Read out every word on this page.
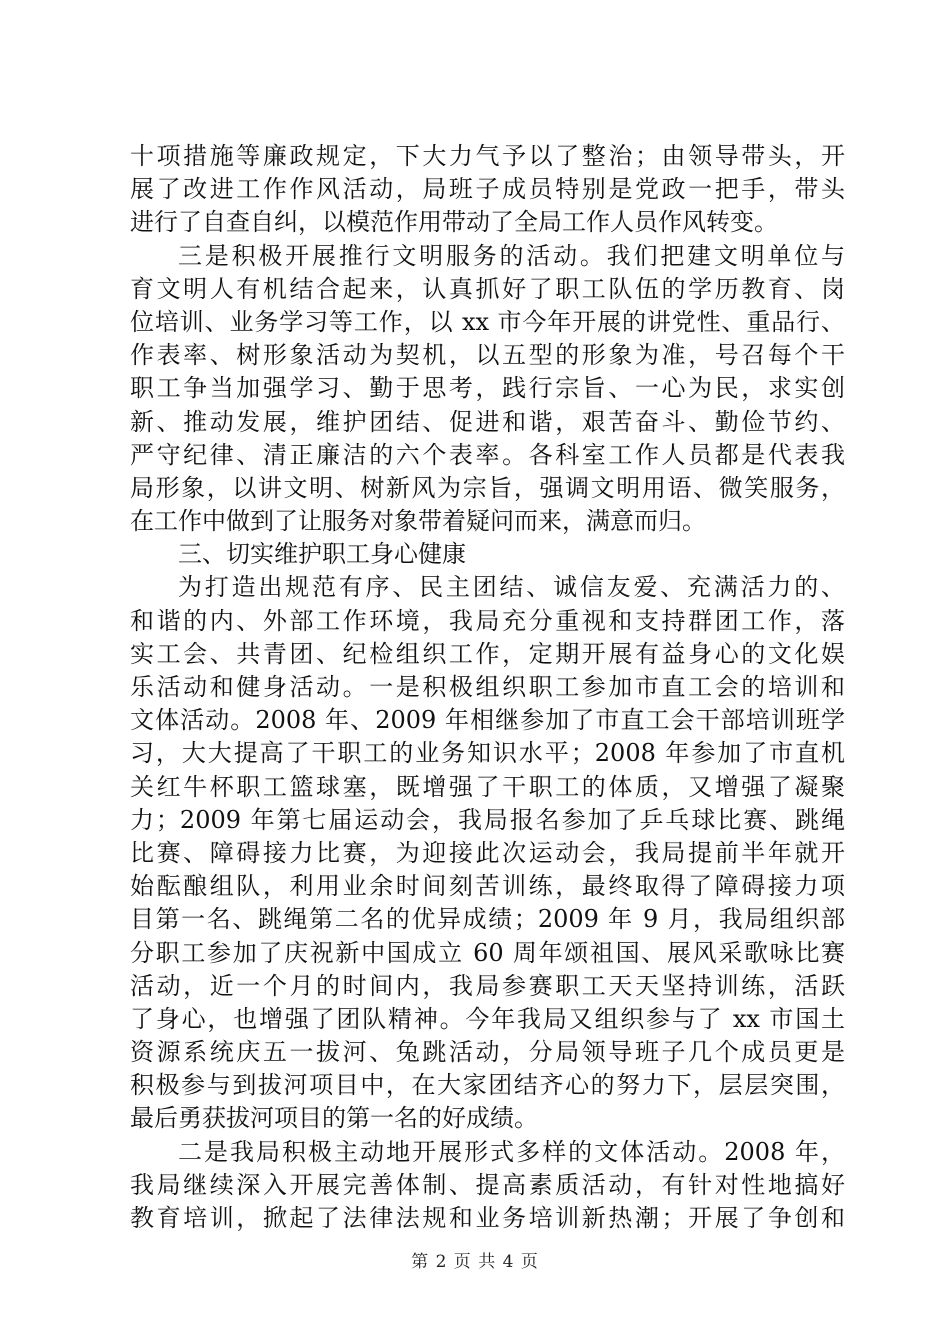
十项措施等廉政规定，下大力气予以了整治；由领导带头，开
展了改进工作作风活动，局班子成员特别是党政一把手，带头
进行了自查自纠，以模范作用带动了全局工作人员作风转变。
三是积极开展推行文明服务的活动。我们把建文明单位与
育文明人有机结合起来，认真抓好了职工队伍的学历教育、岗
位培训、业务学习等工作，以 xx 市今年开展的讲党性、重品行、
作表率、树形象活动为契机，以五型的形象为准，号召每个干
职工争当加强学习、勤于思考，践行宗旨、一心为民，求实创
新、推动发展，维护团结、促进和谐，艰苦奋斗、勤俭节约、
严守纪律、清正廉洁的六个表率。各科室工作人员都是代表我
局形象，以讲文明、树新风为宗旨，强调文明用语、微笑服务，
在工作中做到了让服务对象带着疑问而来，满意而归。
三、切实维护职工身心健康
为打造出规范有序、民主团结、诚信友爱、充满活力的、
和谐的内、外部工作环境，我局充分重视和支持群团工作，落
实工会、共青团、纪检组织工作，定期开展有益身心的文化娱
乐活动和健身活动。一是积极组织职工参加市直工会的培训和
文体活动。2008 年、2009 年相继参加了市直工会干部培训班学
习，大大提高了干职工的业务知识水平；2008 年参加了市直机
关红牛杯职工篮球塞，既增强了干职工的体质，又增强了凝聚
力；2009 年第七届运动会，我局报名参加了乒乓球比赛、跳绳
比赛、障碍接力比赛，为迎接此次运动会，我局提前半年就开
始酝酿组队，利用业余时间刻苦训练，最终取得了障碍接力项
目第一名、跳绳第二名的优异成绩；2009 年 9 月，我局组织部
分职工参加了庆祝新中国成立 60 周年颂祖国、展风采歌咏比赛
活动，近一个月的时间内，我局参赛职工天天坚持训练，活跃
了身心，也增强了团队精神。今年我局又组织参与了 xx 市国土
资源系统庆五一拔河、兔跳活动，分局领导班子几个成员更是
积极参与到拔河项目中，在大家团结齐心的努力下，层层突围，
最后勇获拔河项目的第一名的好成绩。
二是我局积极主动地开展形式多样的文体活动。2008 年，
我局继续深入开展完善体制、提高素质活动，有针对性地搞好
教育培训，掀起了法律法规和业务培训新热潮；开展了争创和
第 2 页 共 4 页
